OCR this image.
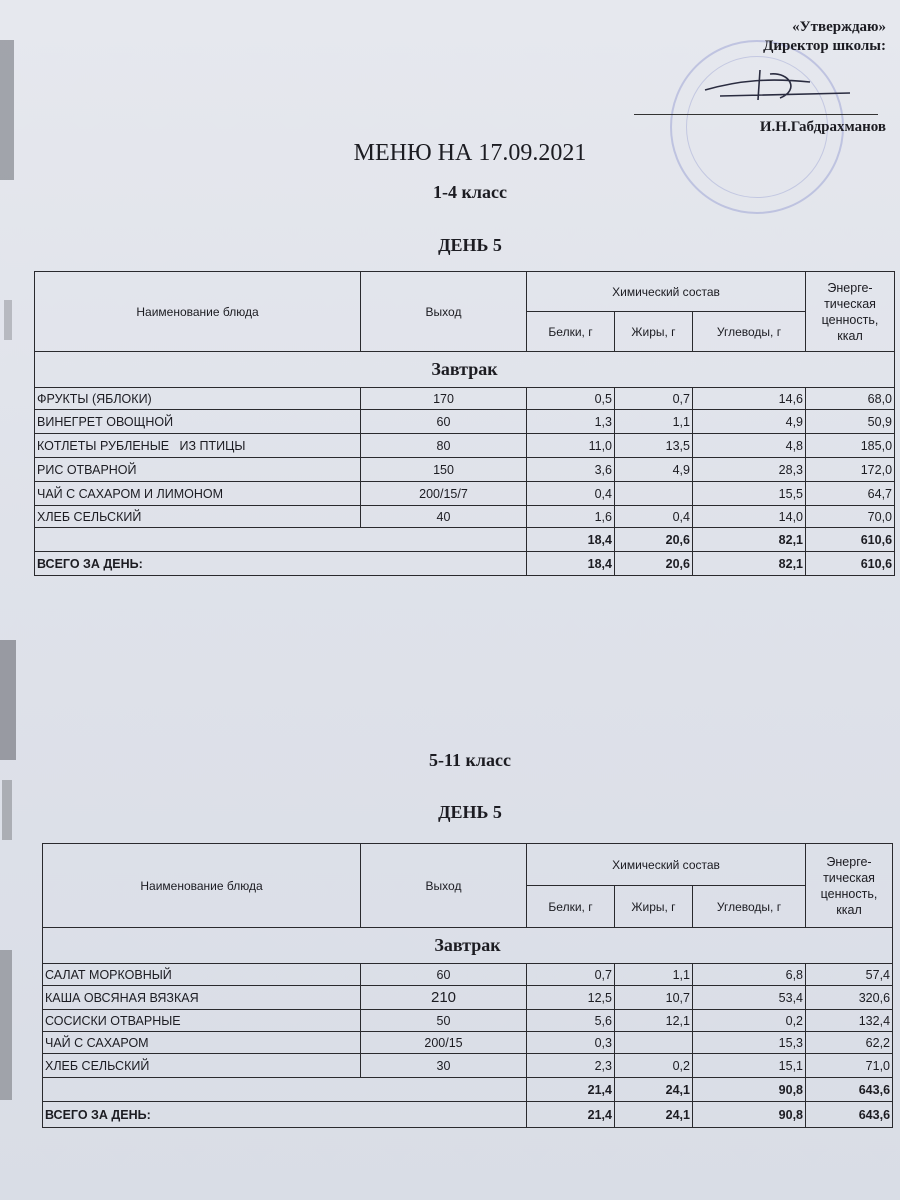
«Утверждаю»
Директор школы:
И.Н.Габдрахманов
МЕНЮ НА 17.09.2021
1-4 класс
ДЕНЬ 5
Наименование блюда	Выход	Химический состав			Энерге-тическая ценность, ккал
		Белки, г	Жиры, г	Углеводы, г	
Завтрак					
ФРУКТЫ (ЯБЛОКИ)	170	0,5	0,7	14,6	68,0
ВИНЕГРЕТ ОВОЩНОЙ	60	1,3	1,1	4,9	50,9
КОТЛЕТЫ РУБЛЕНЫЕ   ИЗ ПТИЦЫ	80	11,0	13,5	4,8	185,0
РИС ОТВАРНОЙ	150	3,6	4,9	28,3	172,0
ЧАЙ С САХАРОМ И ЛИМОНОМ	200/15/7	0,4		15,5	64,7
ХЛЕБ СЕЛЬСКИЙ	40	1,6	0,4	14,0	70,0
		18,4	20,6	82,1	610,6
ВСЕГО ЗА ДЕНЬ:		18,4	20,6	82,1	610,6
5-11 класс
ДЕНЬ 5
Наименование блюда	Выход	Химический состав			Энерге-тическая ценность, ккал
		Белки, г	Жиры, г	Углеводы, г	
Завтрак					
САЛАТ МОРКОВНЫЙ	60	0,7	1,1	6,8	57,4
КАША ОВСЯНАЯ ВЯЗКАЯ	210	12,5	10,7	53,4	320,6
СОСИСКИ ОТВАРНЫЕ	50	5,6	12,1	0,2	132,4
ЧАЙ С САХАРОМ	200/15	0,3		15,3	62,2
ХЛЕБ СЕЛЬСКИЙ	30	2,3	0,2	15,1	71,0
		21,4	24,1	90,8	643,6
ВСЕГО ЗА ДЕНЬ:		21,4	24,1	90,8	643,6
